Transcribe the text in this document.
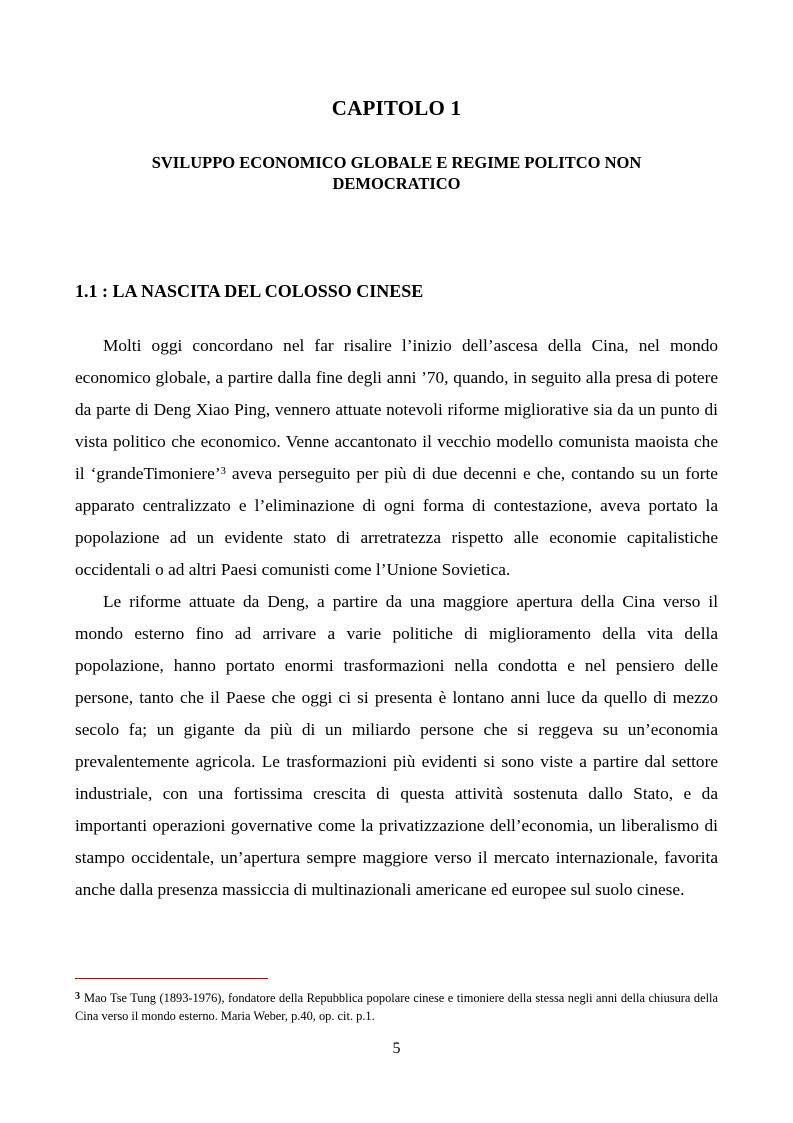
CAPITOLO 1
SVILUPPO ECONOMICO GLOBALE E REGIME POLITCO NON DEMOCRATICO
1.1 : LA NASCITA DEL COLOSSO CINESE

Molti oggi concordano nel far risalire l’inizio dell’ascesa della Cina, nel mondo economico globale, a partire dalla fine degli anni ’70, quando, in seguito alla presa di potere da parte di Deng Xiao Ping, vennero attuate notevoli riforme migliorative sia da un punto di vista politico che economico. Venne accantonato il vecchio modello comunista maoista che il ‘grandeTimoniere’$^3$ aveva perseguito per più di due decenni e che, contando su un forte apparato centralizzato e l’eliminazione di ogni forma di contestazione, aveva portato la popolazione ad un evidente stato di arretratezza rispetto alle economie capitalistiche occidentali o ad altri Paesi comunisti come l’Unione Sovietica.

Le riforme attuate da Deng, a partire da una maggiore apertura della Cina verso il mondo esterno fino ad arrivare a varie politiche di miglioramento della vita della popolazione, hanno portato enormi trasformazioni nella condotta e nel pensiero delle persone, tanto che il Paese che oggi ci si presenta è lontano anni luce da quello di mezzo secolo fa; un gigante da più di un miliardo persone che si reggeva su un’economia prevalentemente agricola. Le trasformazioni più evidenti si sono viste a partire dal settore industriale, con una fortissima crescita di questa attività sostenuta dallo Stato, e da importanti operazioni governative come la privatizzazione dell’economia, un liberalismo di stampo occidentale, un’apertura sempre maggiore verso il mercato internazionale, favorita anche dalla presenza massiccia di multinazionali americane ed europee sul suolo cinese.

$^3$ Mao Tse Tung (1893-1976), fondatore della Repubblica popolare cinese e timoniere della stessa negli anni della chiusura della Cina verso il mondo esterno. Maria Weber, p.40, op. cit. p.1.
5
